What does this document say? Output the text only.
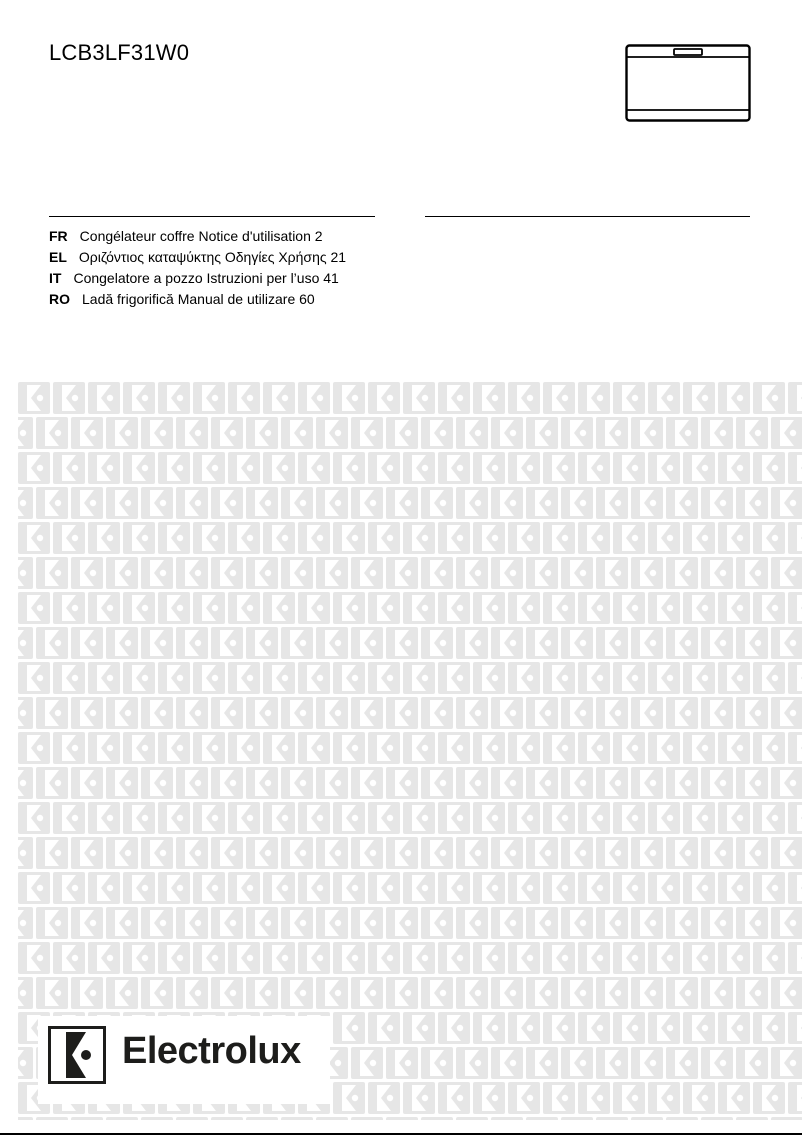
LCB3LF31W0
FR Congélateur coffre Notice d'utilisation 2
EL Οριζόντιος καταψύκτης Οδηγίες Χρήσης 21
IT Congelatore a pozzo Istruzioni per l’uso 41
RO Ladă frigorifică Manual de utilizare 60
Electrolux
